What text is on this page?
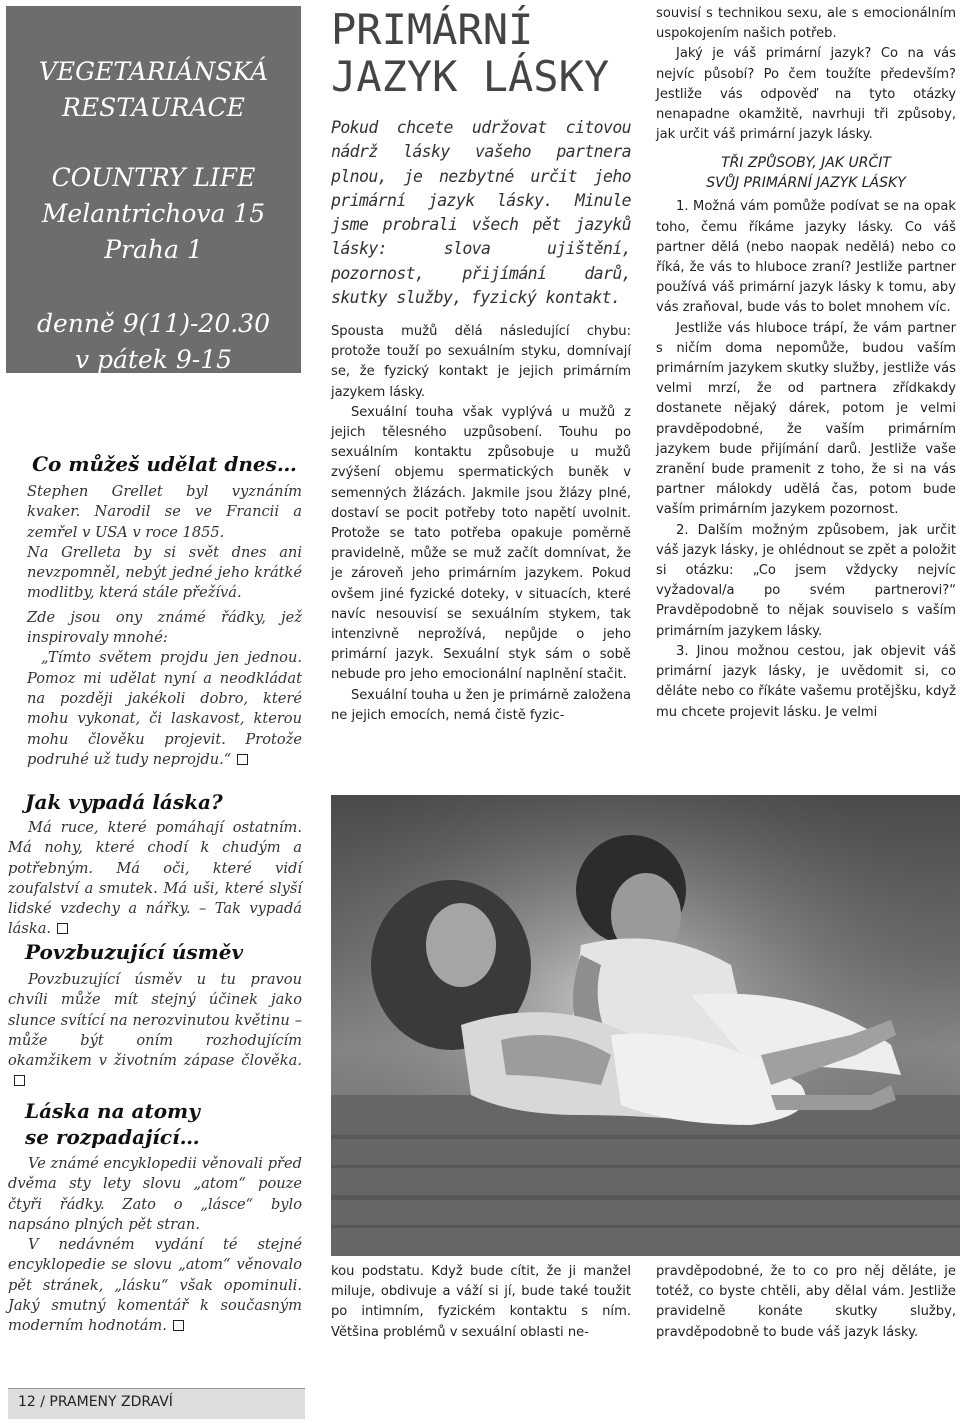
VEGETARIÁNSKÁ
RESTAURACE
COUNTRY LIFE
Melantrichova 15
Praha 1
denně 9(11)-20.30
v pátek 9-15
(v sobotu zavřeno)
Co můžeš udělat dnes…

Stephen Grellet byl vyznáním kvaker. Narodil se ve Francii a zemřel v USA v roce 1855.

Na Grelleta by si svět dnes ani nevzpomněl, nebýt jedné jeho krátké modlitby, která stále přežívá.

Zde jsou ony známé řádky, jež inspirovaly mnohé:

„Tímto světem projdu jen jednou. Pomoz mi udělat nyní a neodkládat na později jakékoli dobro, které mohu vykonat, či laskavost, kterou mohu člověku projevit. Protože podruhé už tudy neprojdu.“

Jak vypadá láska?

Má ruce, které pomáhají ostatním. Má nohy, které chodí k chudým a potřebným. Má oči, které vidí zoufalství a smutek. Má uši, které slyší lidské vzdechy a nářky. – Tak vypadá láska.

Povzbuzující úsměv

Povzbuzující úsměv u tu pravou chvíli může mít stejný účinek jako slunce svítící na nerozvinutou květinu – může být oním rozhodujícím okamžikem v životním zápase člověka.

Láska na atomy
se rozpadající…

Ve známé encyklopedii věnovali před dvěma sty lety slovu „atom“ pouze čtyři řádky. Zato o „lásce“ bylo napsáno plných pět stran.

V nedávném vydání té stejné encyklopedie se slovu „atom“ věnovalo pět stránek, „lásku“ však opominuli. Jaký smutný komentář k současným moderním hodnotám.

PRIMÁRNÍ
JAZYK LÁSKY
Pokud chcete udržovat citovou nádrž lásky vašeho partnera plnou, je nezbytné určit jeho primární jazyk lásky. Minule jsme probrali všech pět jazyků lásky: slova ujištění, pozornost, přijímání darů, skutky služby, fyzický kontakt.

Spousta mužů dělá následující chybu: protože touží po sexuálním styku, domnívají se, že fyzický kontakt je jejich primárním jazykem lásky.

Sexuální touha však vyplývá u mužů z jejich tělesného uzpůsobení. Touhu po sexuálním kontaktu způsobuje u mužů zvýšení objemu spermatických buněk v semenných žlázách. Jakmile jsou žlázy plné, dostaví se pocit potřeby toto napětí uvolnit. Protože se tato potřeba opakuje poměrně pravidelně, může se muž začít domnívat, že je zároveň jeho primárním jazykem. Pokud ovšem jiné fyzické doteky, v situacích, které navíc nesouvisí se sexuálním stykem, tak intenzivně neprožívá, nepůjde o jeho primární jazyk. Sexuální styk sám o sobě nebude pro jeho emocionální naplnění stačit.

Sexuální touha u žen je primárně založena ne jejich emocích, nemá čistě fyzic-

souvisí s technikou sexu, ale s emocionálním uspokojením našich potřeb.

Jaký je váš primární jazyk? Co na vás nejvíc působí? Po čem toužíte především? Jestliže vás odpověď na tyto otázky nenapadne okamžitě, navrhuji tři způsoby, jak určit váš primární jazyk lásky.

TŘI ZPŮSOBY, JAK URČIT
SVŮJ PRIMÁRNÍ JAZYK LÁSKY

1. Možná vám pomůže podívat se na opak toho, čemu říkáme jazyky lásky. Co váš partner dělá (nebo naopak nedělá) nebo co říká, že vás to hluboce zraní? Jestliže partner používá váš primární jazyk lásky k tomu, aby vás zraňoval, bude vás to bolet mnohem víc.

Jestliže vás hluboce trápí, že vám partner s ničím doma nepomůže, budou vaším primárním jazykem skutky služby, jestliže vás velmi mrzí, že od partnera zřídkakdy dostanete nějaký dárek, potom je velmi pravděpodobné, že vaším primárním jazykem bude přijímání darů. Jestliže vaše zranění bude pramenit z toho, že si na vás partner málokdy udělá čas, potom bude vaším primárním jazykem pozornost.

2. Dalším možným způsobem, jak určit váš jazyk lásky, je ohlédnout se zpět a položit si otázku: „Co jsem vždycky nejvíc vyžadoval/a po svém partnerovi?“ Pravděpodobně to nějak souviselo s vaším primárním jazykem lásky.

3. Jinou možnou cestou, jak objevit váš primární jazyk lásky, je uvědomit si, co děláte nebo co říkáte vašemu protějšku, když mu chcete projevit lásku. Je velmi

kou podstatu. Když bude cítit, že ji manžel miluje, obdivuje a váží si jí, bude také toužit po intimním, fyzickém kontaktu s ním. Většina problémů v sexuální oblasti ne-

pravděpodobné, že to co pro něj děláte, je totéž, co byste chtěli, aby dělal vám. Jestliže pravidelně konáte skutky služby, pravděpodobně to bude váš jazyk lásky.

12 / PRAMENY ZDRAVÍ
